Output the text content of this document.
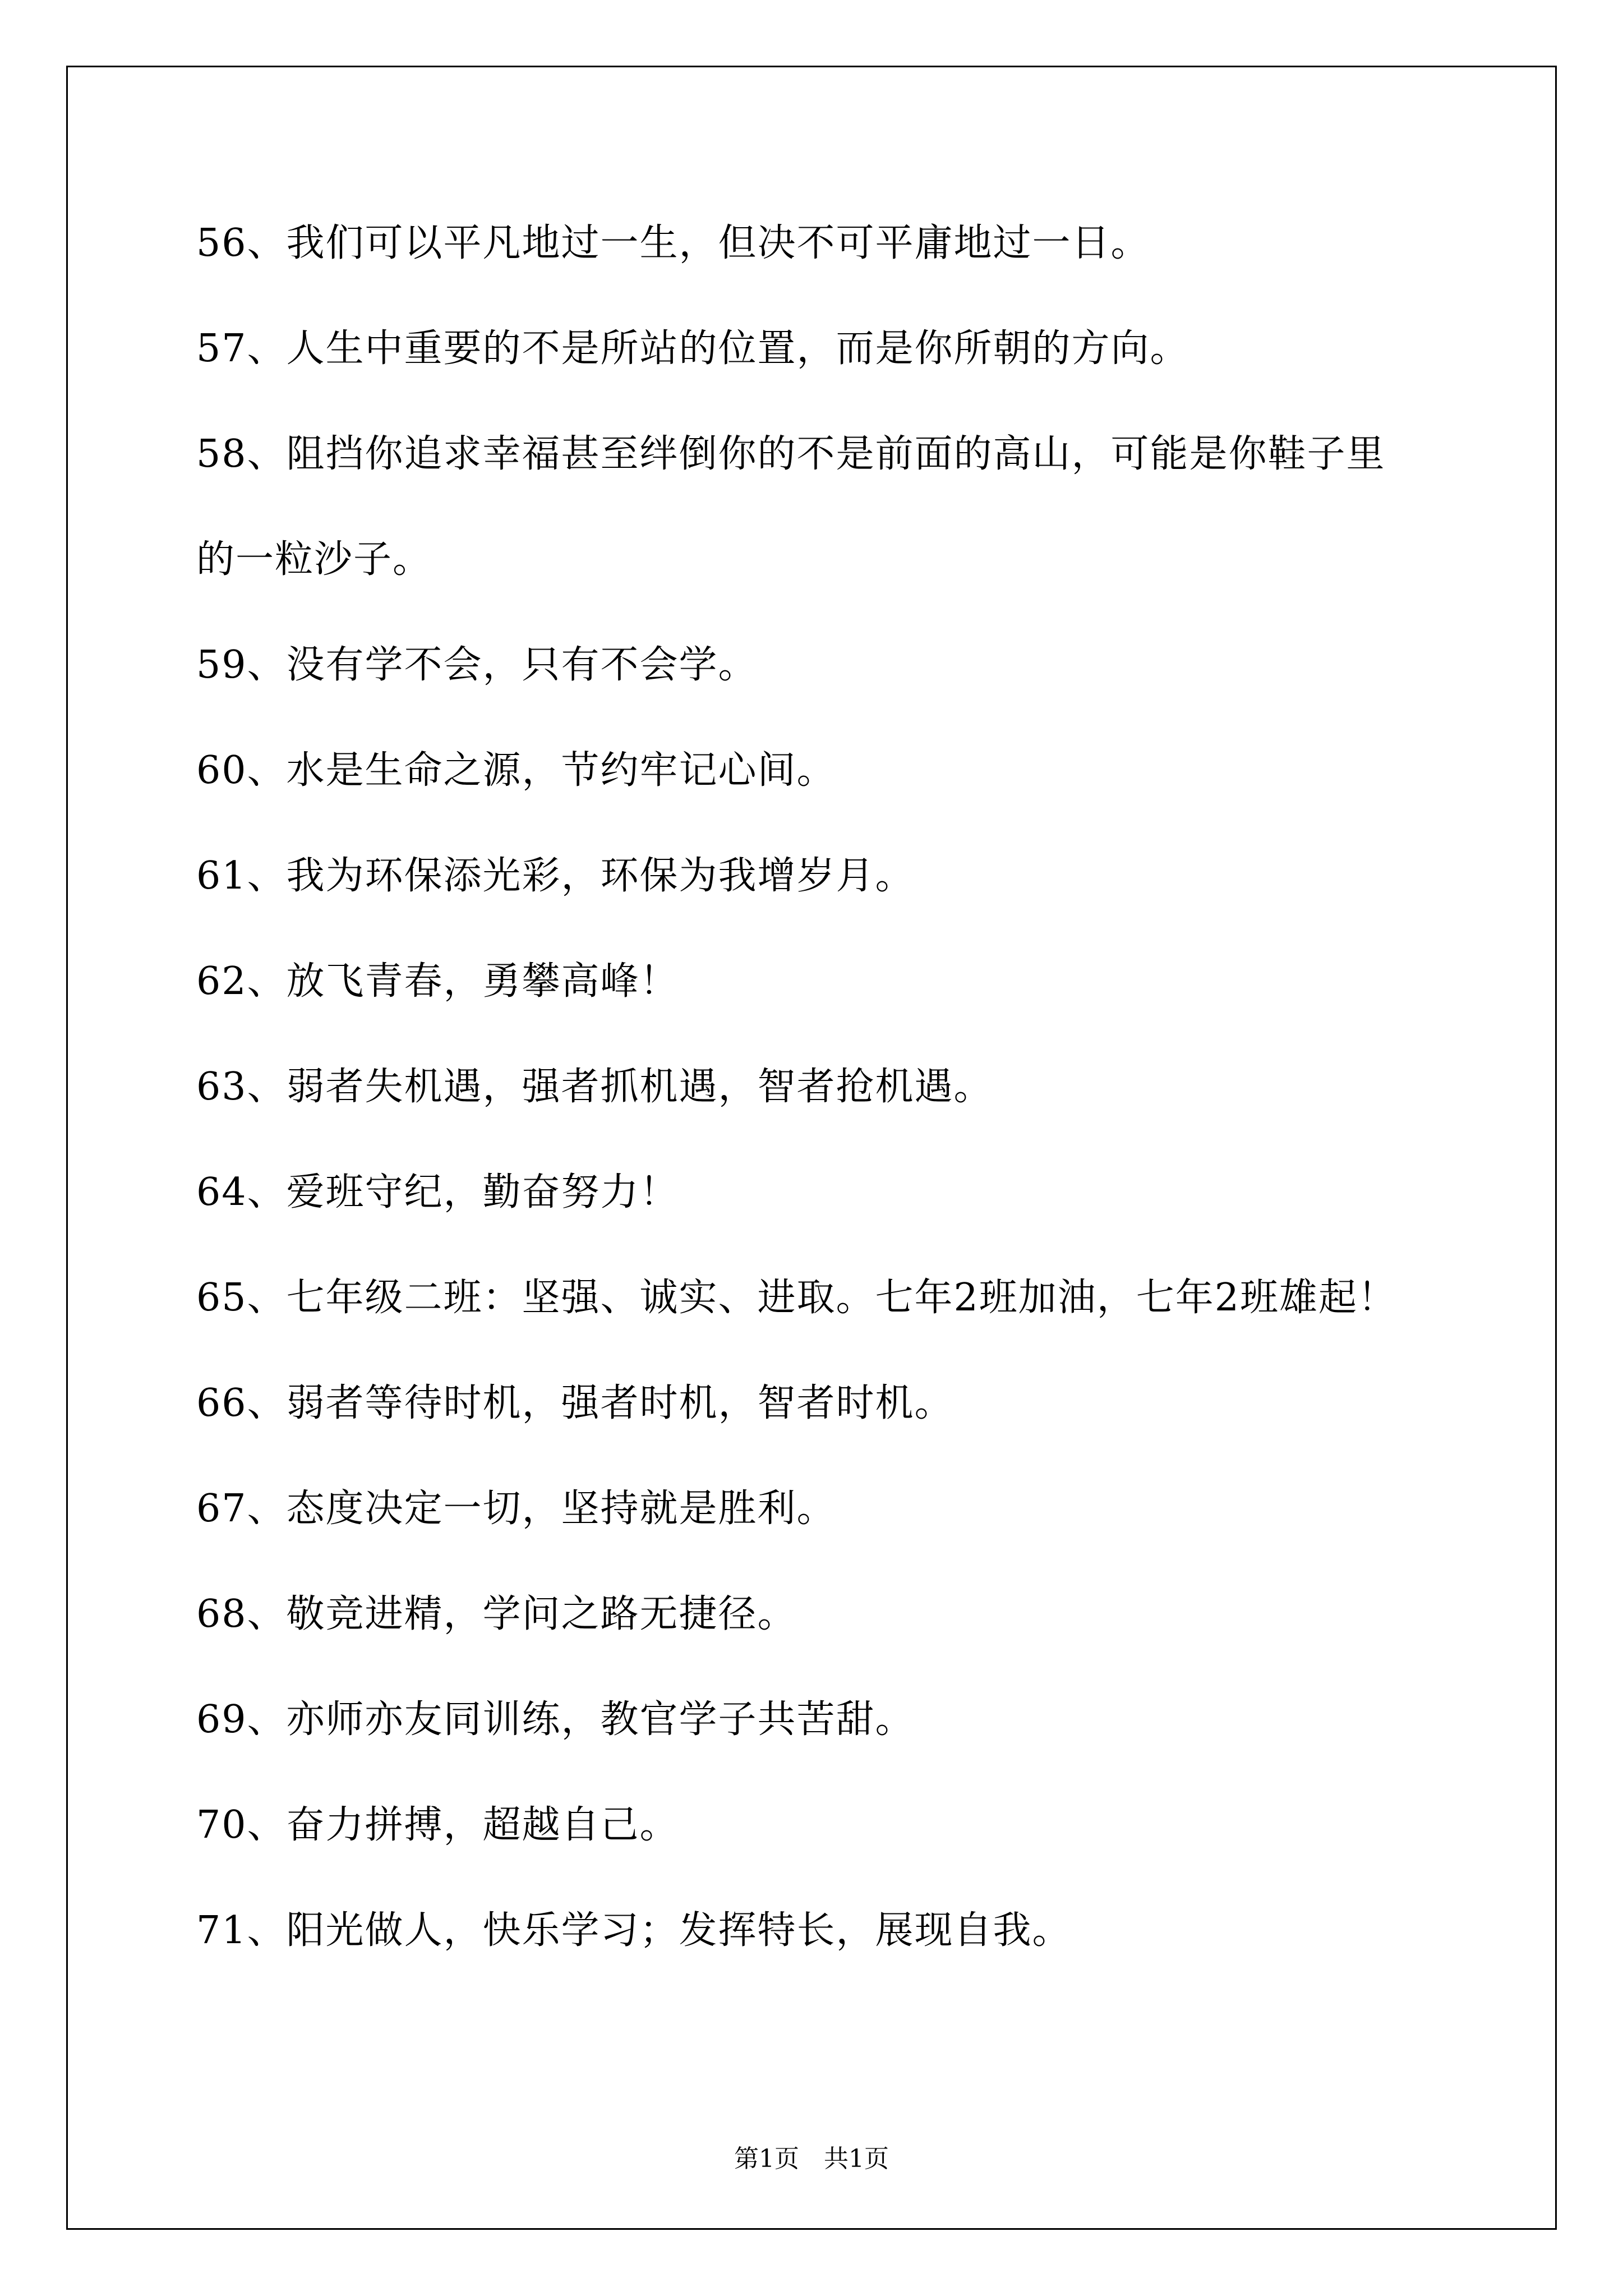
56、我们可以平凡地过一生，但决不可平庸地过一日。
57、人生中重要的不是所站的位置，而是你所朝的方向。
58、阻挡你追求幸福甚至绊倒你的不是前面的高山，可能是你鞋子里
的一粒沙子。
59、没有学不会，只有不会学。
60、水是生命之源，节约牢记心间。
61、我为环保添光彩，环保为我增岁月。
62、放飞青春，勇攀高峰！
63、弱者失机遇，强者抓机遇，智者抢机遇。
64、爱班守纪，勤奋努力！
65、七年级二班：坚强、诚实、进取。七年2班加油，七年2班雄起！
66、弱者等待时机，强者时机，智者时机。
67、态度决定一切，坚持就是胜利。
68、敬竞进精，学问之路无捷径。
69、亦师亦友同训练，教官学子共苦甜。
70、奋力拼搏，超越自己。
71、阳光做人，快乐学习；发挥特长，展现自我。
第1页　共1页
